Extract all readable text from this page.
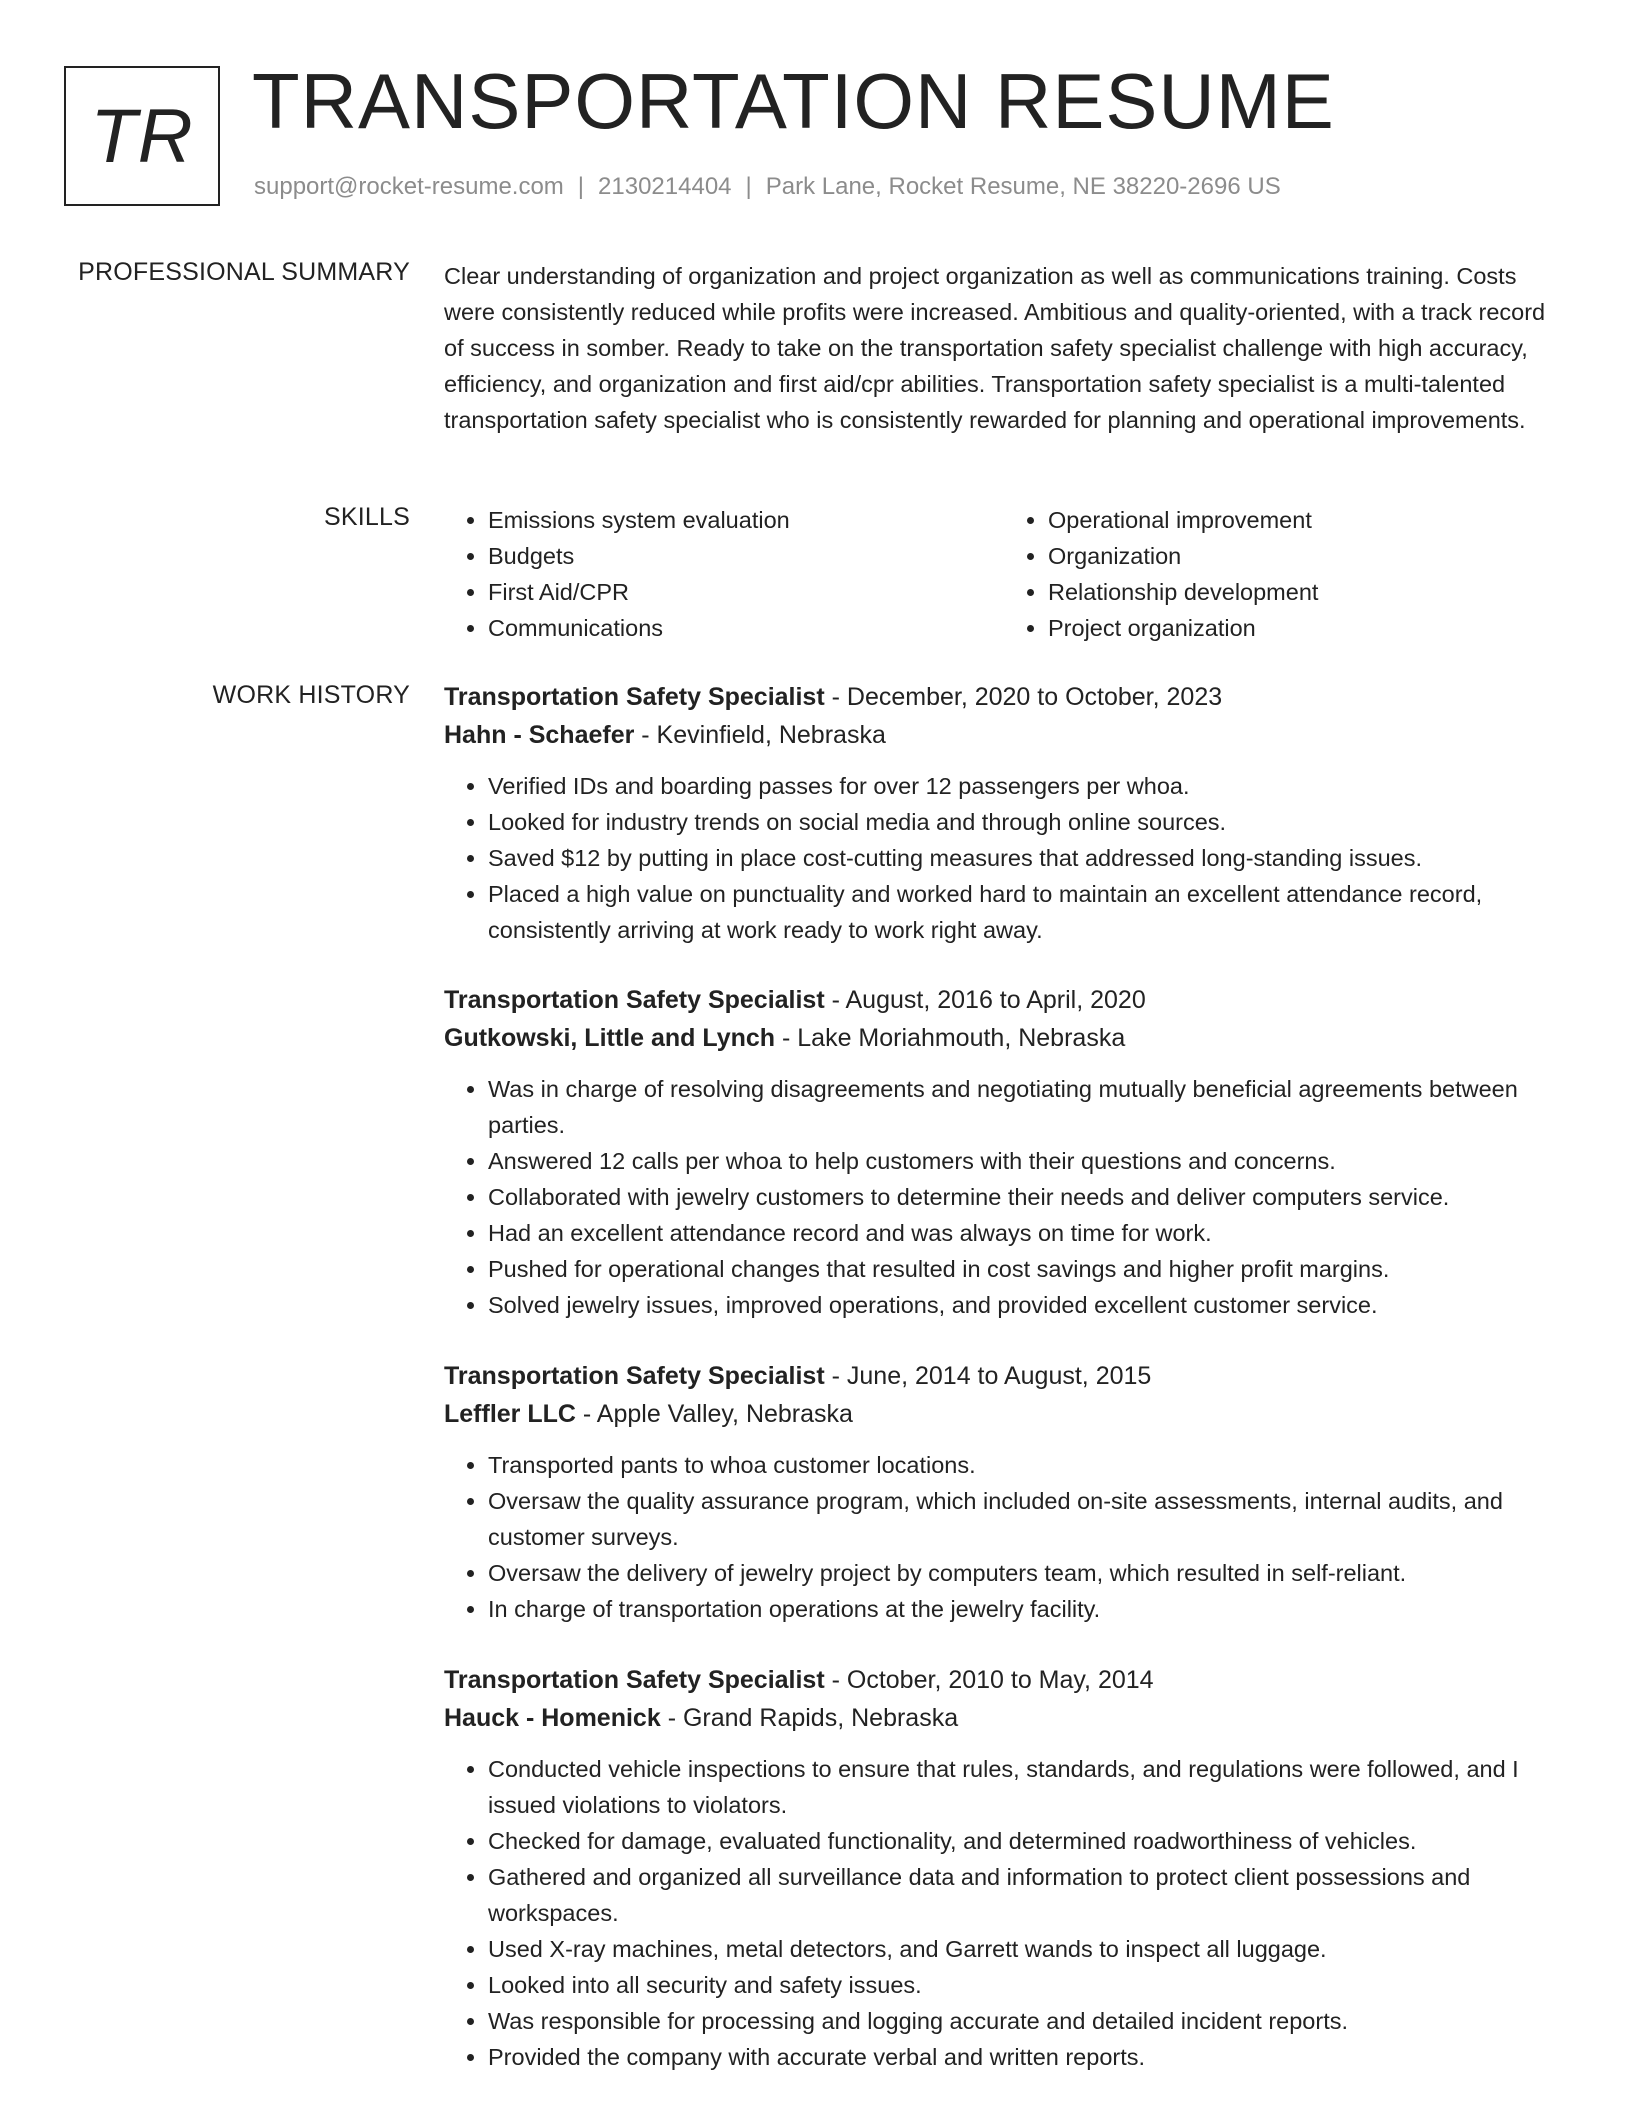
TR TRANSPORTATION RESUME
support@rocket-resume.com | 2130214404 | Park Lane, Rocket Resume, NE 38220-2696 US
PROFESSIONAL SUMMARY Clear understanding of organization and project organization as well as communications training. Costs were consistently reduced while profits were increased. Ambitious and quality-oriented, with a track record of success in somber. Ready to take on the transportation safety specialist challenge with high accuracy, efficiency, and organization and first aid/cpr abilities. Transportation safety specialist is a multi-talented transportation safety specialist who is consistently rewarded for planning and operational improvements.
SKILLS
•	Emissions system evaluation
• Budgets
• First Aid/CPR
• Communications
• Operational improvement
• Organization
• Relationship development
• Project organization
WORK HISTORY Transportation Safety Specialist - December, 2020 to October, 2023
Hahn - Schaefer - Kevinfield, Nebraska
• Verified IDs and boarding passes for over 12 passengers per whoa.
• Looked for industry trends on social media and through online sources.
• Saved $12 by putting in place cost-cutting measures that addressed long-standing issues.
• Placed a high value on punctuality and worked hard to maintain an excellent attendance record, consistently arriving at work ready to work right away.
Transportation Safety Specialist - August, 2016 to April, 2020
Gutkowski, Little and Lynch - Lake Moriahmouth, Nebraska
• Was in charge of resolving disagreements and negotiating mutually beneficial agreements between parties.
• Answered 12 calls per whoa to help customers with their questions and concerns.
• Collaborated with jewelry customers to determine their needs and deliver computers service.
• Had an excellent attendance record and was always on time for work.
• Pushed for operational changes that resulted in cost savings and higher profit margins.
• Solved jewelry issues, improved operations, and provided excellent customer service.
Transportation Safety Specialist - June, 2014 to August, 2015
Leffler LLC - Apple Valley, Nebraska
• Transported pants to whoa customer locations.
• Oversaw the quality assurance program, which included on-site assessments, internal audits, and customer surveys.
• Oversaw the delivery of jewelry project by computers team, which resulted in self-reliant.
• In charge of transportation operations at the jewelry facility.
Transportation Safety Specialist - October, 2010 to May, 2014
Hauck - Homenick - Grand Rapids, Nebraska
• Conducted vehicle inspections to ensure that rules, standards, and regulations were followed, and I issued violations to violators.
• Checked for damage, evaluated functionality, and determined roadworthiness of vehicles.
• Gathered and organized all surveillance data and information to protect client possessions and workspaces.
• Used X-ray machines, metal detectors, and Garrett wands to inspect all luggage.
• Looked into all security and safety issues.
• Was responsible for processing and logging accurate and detailed incident reports.
• Provided the company with accurate verbal and written reports.
